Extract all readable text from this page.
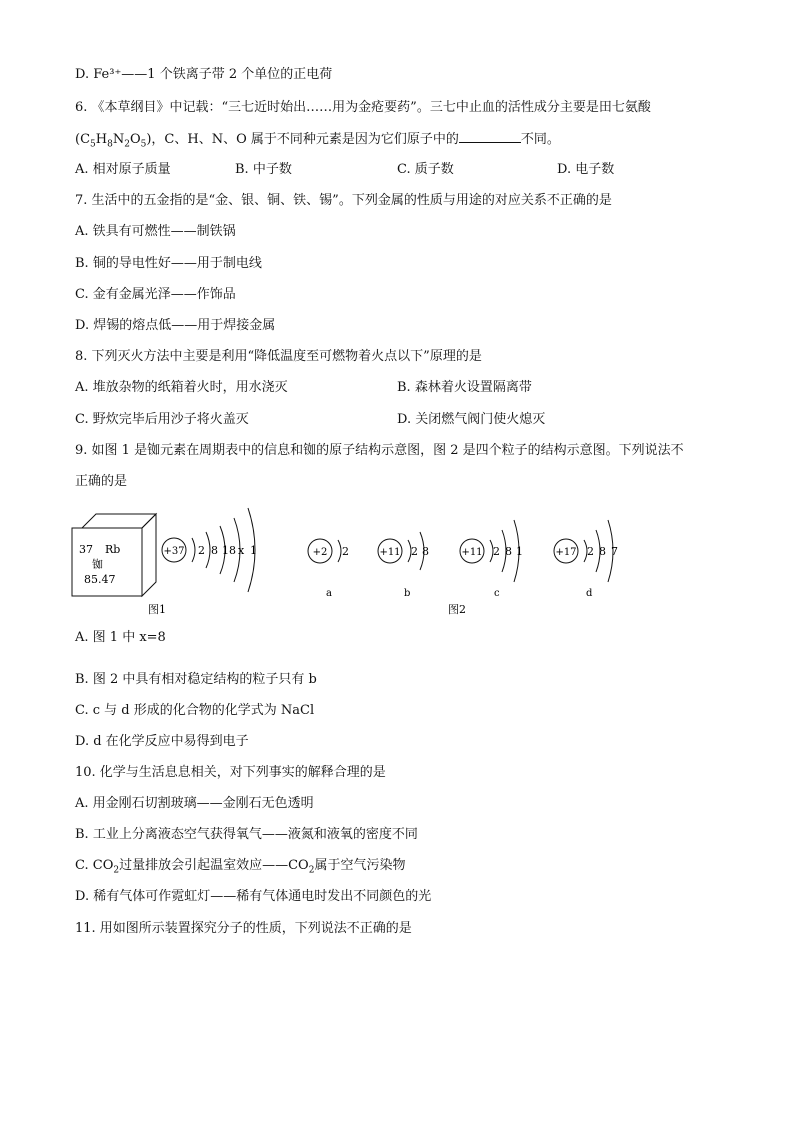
D. Fe³⁺——1 个铁离子带 2 个单位的正电荷
6. 《本草纲目》中记载：“三七近时始出……用为金疮要药”。三七中止血的活性成分主要是田七氨酸
$(C_5H_8N_2O_5)$，C、H、N、O 属于不同种元素是因为它们原子中的	不同。
A. 相对原子质量	B. 中子数	C. 质子数	D. 电子数
7. 生活中的五金指的是“金、银、铜、铁、锡”。下列金属的性质与用途的对应关系不正确的是
A. 铁具有可燃性——制铁锅
B. 铜的导电性好——用于制电线
C. 金有金属光泽——作饰品
D. 焊锡的熔点低——用于焊接金属
8. 下列灭火方法中主要是利用“降低温度至可燃物着火点以下”原理的是
A. 堆放杂物的纸箱着火时，用水浇灭	B. 森林着火设置隔离带
C. 野炊完毕后用沙子将火盖灭	D. 关闭燃气阀门使火熄灭
9. 如图 1 是铷元素在周期表中的信息和铷的原子结构示意图，图 2 是四个粒子的结构示意图。下列说法不
正确的是
37 Rb
铷
85.47
+37 2 8 18 x 1
图1
+2 2
a
+11 2 8
b
+11 2 8 1
c
+17 2 8 7
d
图2
A. 图 1 中 x=8
B. 图 2 中具有相对稳定结构的粒子只有 b
C. c 与 d 形成的化合物的化学式为 NaCl
D. d 在化学反应中易得到电子
10. 化学与生活息息相关，对下列事实的解释合理的是
A. 用金刚石切割玻璃——金刚石无色透明
B. 工业上分离液态空气获得氧气——液氮和液氧的密度不同
C. $CO_2$过量排放会引起温室效应$——CO_2$属于空气污染物
D. 稀有气体可作霓虹灯——稀有气体通电时发出不同颜色的光
11. 用如图所示装置探究分子的性质，下列说法不正确的是
